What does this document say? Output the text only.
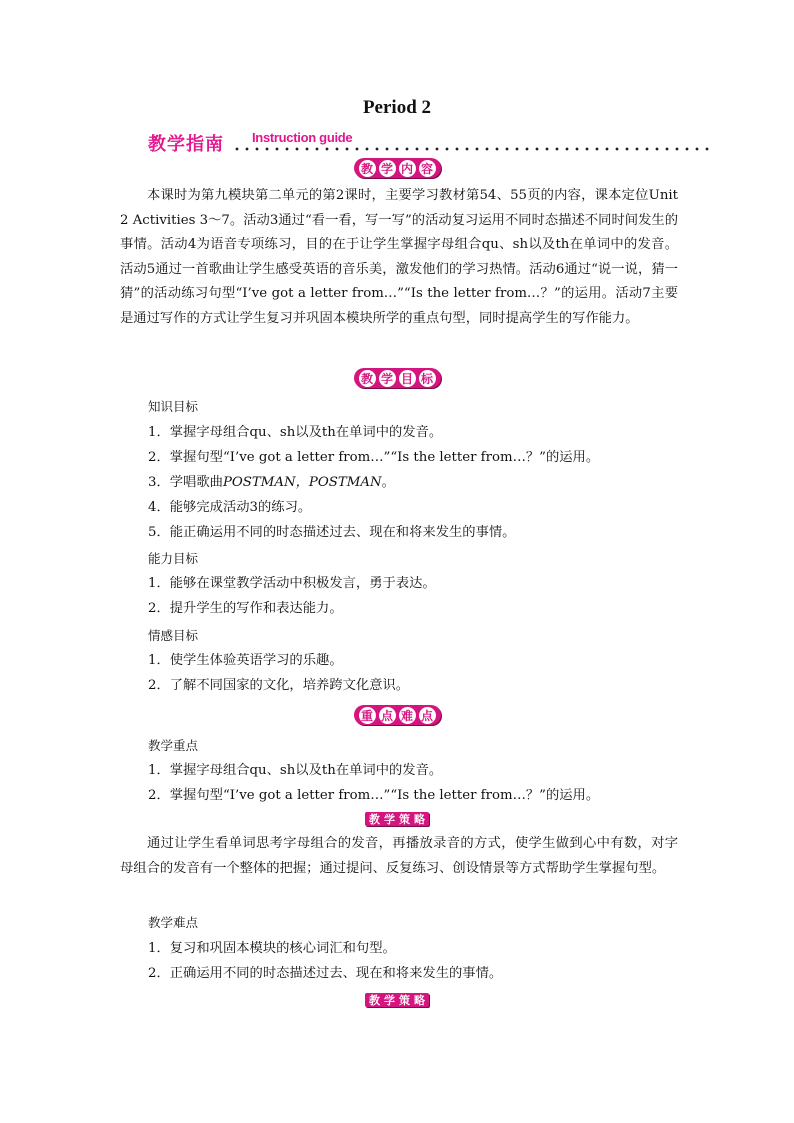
Period 2
教学指南 Instruction guide
教 学 内 容
本课时为第九模块第二单元的第2课时，主要学习教材第54、55页的内容，课本定位Unit 2 Activities 3～7。活动3通过“看一看，写一写”的活动复习运用不同时态描述不同时间发生的事情。活动4为语音专项练习，目的在于让学生掌握字母组合qu、sh以及th在单词中的发音。活动5通过一首歌曲让学生感受英语的音乐美，激发他们的学习热情。活动6通过“说一说，猜一猜”的活动练习句型“I’ve got a letter from…”“Is the letter from…？”的运用。活动7主要是通过写作的方式让学生复习并巩固本模块所学的重点句型，同时提高学生的写作能力。
教 学 目 标
知识目标
1．掌握字母组合qu、sh以及th在单词中的发音。
2．掌握句型“I’ve got a letter from…”“Is the letter from…？”的运用。
3．学唱歌曲POSTMAN，POSTMAN。
4．能够完成活动3的练习。
5．能正确运用不同的时态描述过去、现在和将来发生的事情。
能力目标
1．能够在课堂教学活动中积极发言，勇于表达。
2．提升学生的写作和表达能力。
情感目标
1．使学生体验英语学习的乐趣。
2．了解不同国家的文化，培养跨文化意识。
重 点 难 点
教学重点
1．掌握字母组合qu、sh以及th在单词中的发音。
2．掌握句型“I’ve got a letter from…”“Is the letter from…？”的运用。
教 学 策 略
通过让学生看单词思考字母组合的发音，再播放录音的方式，使学生做到心中有数，对字母组合的发音有一个整体的把握；通过提问、反复练习、创设情景等方式帮助学生掌握句型。
教学难点
1．复习和巩固本模块的核心词汇和句型。
2．正确运用不同的时态描述过去、现在和将来发生的事情。
教 学 策 略
